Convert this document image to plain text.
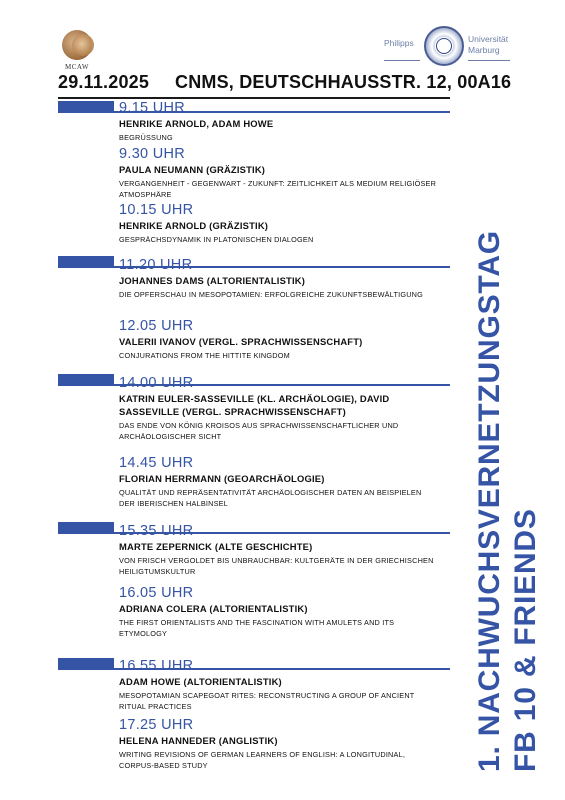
MCAW
Philipps	Universität
Marburg
29.11.2025 CNMS, DEUTSCHHAUSSTR. 12, 00A16
9.15 UHR
HENRIKE ARNOLD, ADAM HOWE
BEGRÜSSUNG
9.30 UHR
PAULA NEUMANN (GRÄZISTIK)
VERGANGENHEIT - GEGENWART - ZUKUNFT: ZEITLICHKEIT ALS MEDIUM RELIGIÖSER ATMOSPHÄRE
10.15 UHR
HENRIKE ARNOLD (GRÄZISTIK)
GESPRÄCHSDYNAMIK IN PLATONISCHEN DIALOGEN
11.20 UHR
JOHANNES DAMS (ALTORIENTALISTIK)
DIE OPFERSCHAU IN MESOPOTAMIEN: ERFOLGREICHE ZUKUNFTSBEWÄLTIGUNG
12.05 UHR
VALERII IVANOV (VERGL. SPRACHWISSENSCHAFT)
CONJURATIONS FROM THE HITTITE KINGDOM
14.00 UHR
KATRIN EULER-SASSEVILLE (KL. ARCHÄOLOGIE), DAVID SASSEVILLE (VERGL. SPRACHWISSENSCHAFT)
DAS ENDE VON KÖNIG KROISOS AUS SPRACHWISSENSCHAFTLICHER UND ARCHÄOLOGISCHER SICHT
14.45 UHR
FLORIAN HERRMANN (GEOARCHÄOLOGIE)
QUALITÄT UND REPRÄSENTATIVITÄT ARCHÄOLOGISCHER DATEN AN BEISPIELEN DER IBERISCHEN HALBINSEL
15.35 UHR
MARTE ZEPERNICK (ALTE GESCHICHTE)
VON FRISCH VERGOLDET BIS UNBRAUCHBAR: KULTGERÄTE IN DER GRIECHISCHEN HEILIGTUMSKULTUR
16.05 UHR
ADRIANA COLERA (ALTORIENTALISTIK)
THE FIRST ORIENTALISTS AND THE FASCINATION WITH AMULETS AND ITS ETYMOLOGY
16.55 UHR
ADAM HOWE (ALTORIENTALISTIK)
MESOPOTAMIAN SCAPEGOAT RITES: RECONSTRUCTING A GROUP OF ANCIENT RITUAL PRACTICES
17.25 UHR
HELENA HANNEDER (ANGLISTIK)
WRITING REVISIONS OF GERMAN LEARNERS OF ENGLISH: A LONGITUDINAL, CORPUS-BASED STUDY	1. NACHWUCHSVERNETZUNGSTAG FB 10 & FRIENDS
